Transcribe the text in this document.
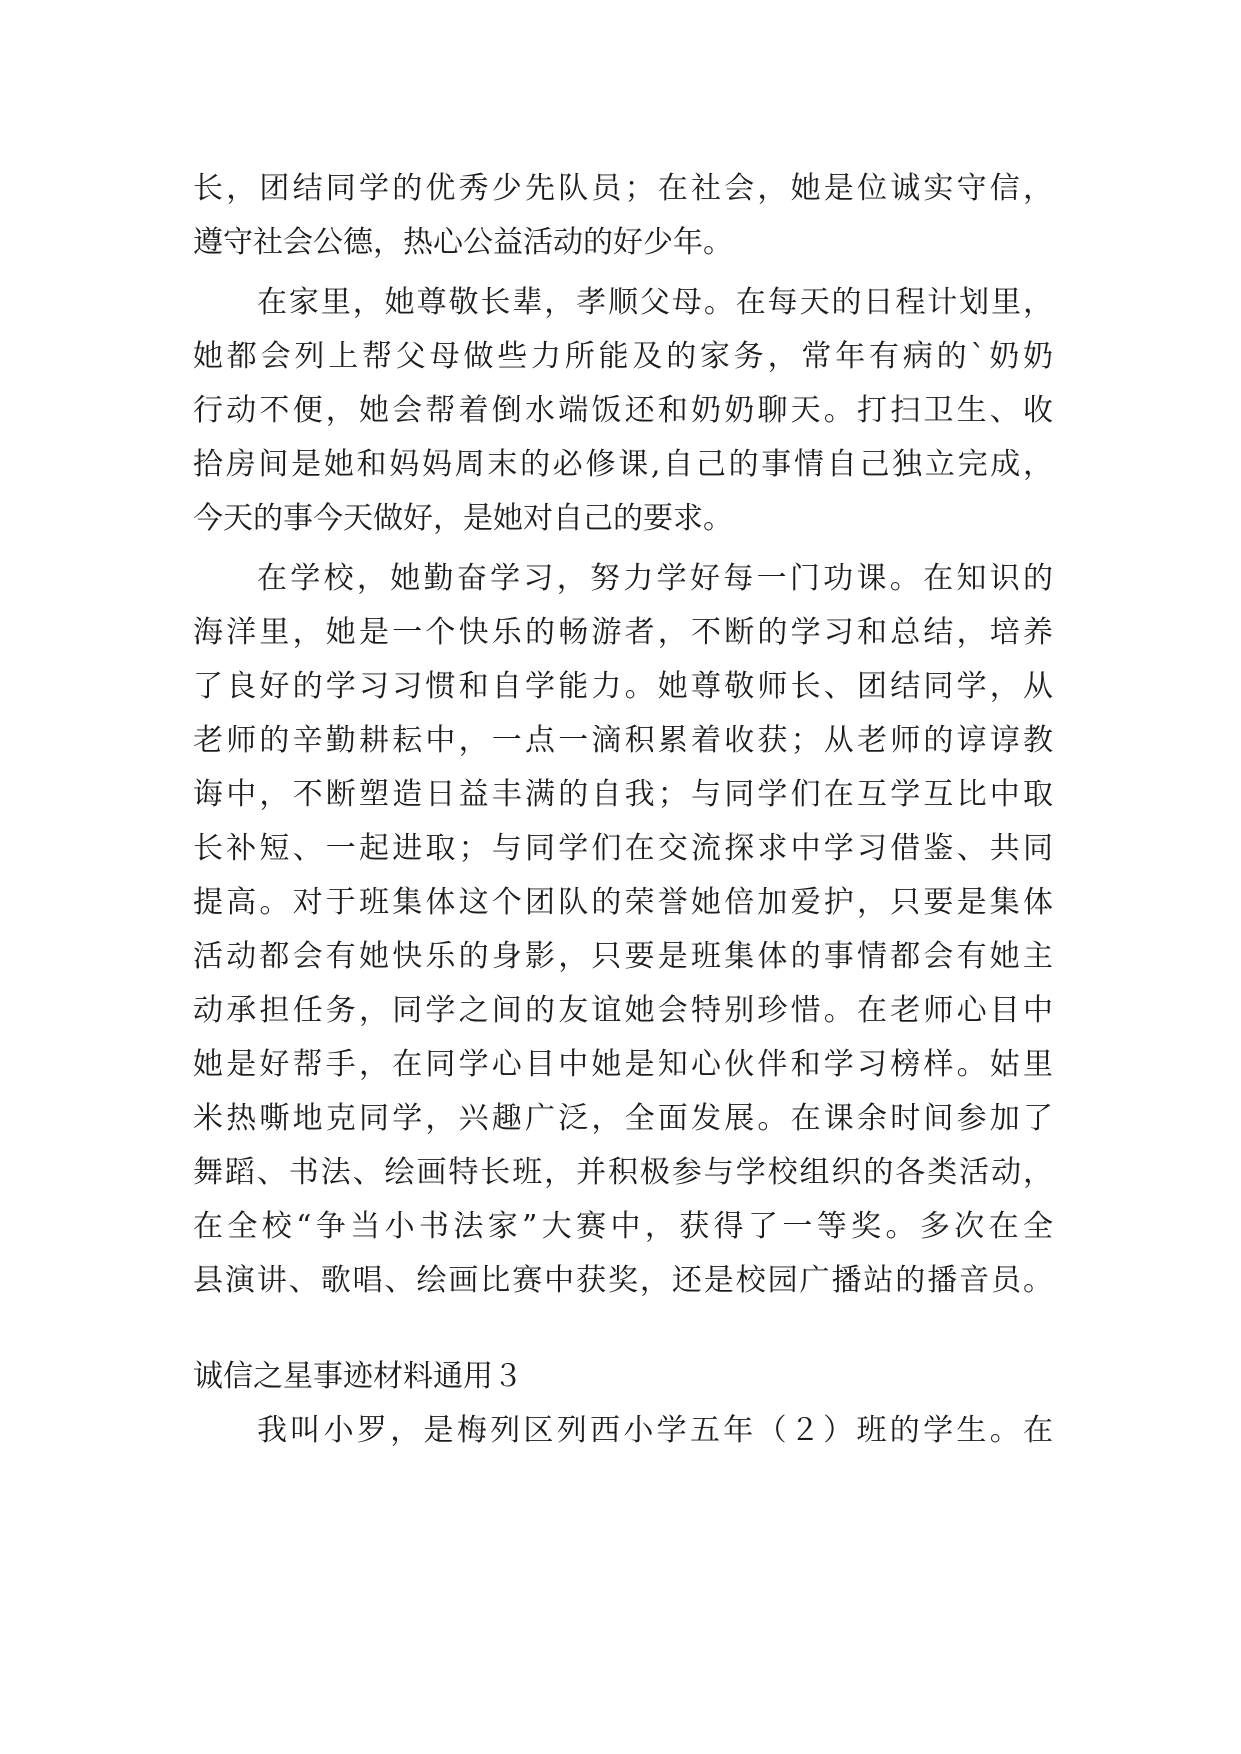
长，团结同学的优秀少先队员；在社会，她是位诚实守信，
遵守社会公德，热心公益活动的好少年。
在家里，她尊敬长辈，孝顺父母。在每天的日程计划里，
她都会列上帮父母做些力所能及的家务，常年有病的`奶奶
行动不便，她会帮着倒水端饭还和奶奶聊天。打扫卫生、收
拾房间是她和妈妈周末的必修课,自己的事情自己独立完成，
今天的事今天做好，是她对自己的要求。
在学校，她勤奋学习，努力学好每一门功课。在知识的
海洋里，她是一个快乐的畅游者，不断的学习和总结，培养
了良好的学习习惯和自学能力。她尊敬师长、团结同学，从
老师的辛勤耕耘中，一点一滴积累着收获；从老师的谆谆教
诲中，不断塑造日益丰满的自我；与同学们在互学互比中取
长补短、一起进取；与同学们在交流探求中学习借鉴、共同
提高。对于班集体这个团队的荣誉她倍加爱护，只要是集体
活动都会有她快乐的身影，只要是班集体的事情都会有她主
动承担任务，同学之间的友谊她会特别珍惜。在老师心目中
她是好帮手，在同学心目中她是知心伙伴和学习榜样。姑里
米热嘶地克同学，兴趣广泛，全面发展。在课余时间参加了
舞蹈、书法、绘画特长班，并积极参与学校组织的各类活动，
在全校“争当小书法家”大赛中，获得了一等奖。多次在全
县演讲、歌唱、绘画比赛中获奖，还是校园广播站的播音员。
诚信之星事迹材料通用３
我叫小罗，是梅列区列西小学五年（２）班的学生。在
